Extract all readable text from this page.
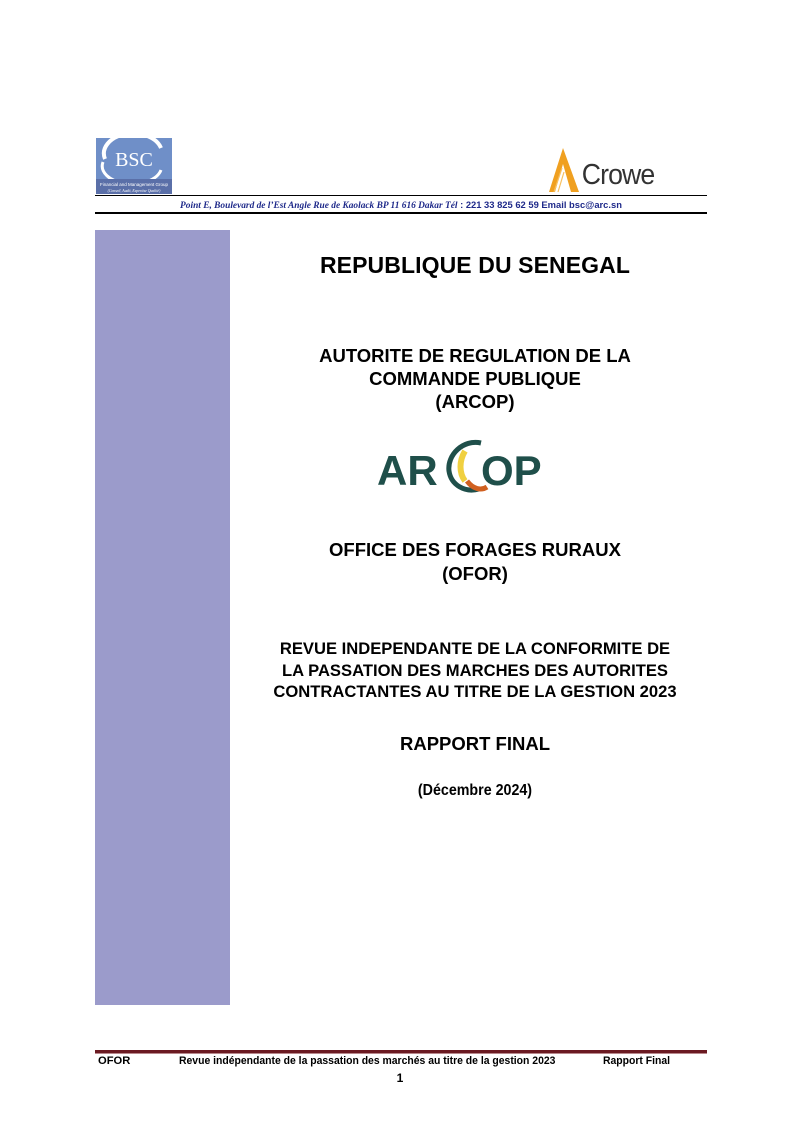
BSC
Financial and Management Group
(Conseil, Audit, Expertise Qualité)
Crowe
Point E, Boulevard de l’Est Angle Rue de Kaolack BP 11 616 Dakar Tél : 221 33 825 62 59 Email bsc@arc.sn
REPUBLIQUE DU SENEGAL
AUTORITE DE REGULATION DE LA
COMMANDE PUBLIQUE
(ARCOP)
AR OP
OFFICE DES FORAGES RURAUX
(OFOR)
REVUE INDEPENDANTE DE LA CONFORMITE DE
LA PASSATION DES MARCHES DES AUTORITES
CONTRACTANTES AU TITRE DE LA GESTION 2023
RAPPORT FINAL
(Décembre 2024)
OFOR	Revue indépendante de la passation des marchés au titre de la gestion 2023	Rapport Final
1
